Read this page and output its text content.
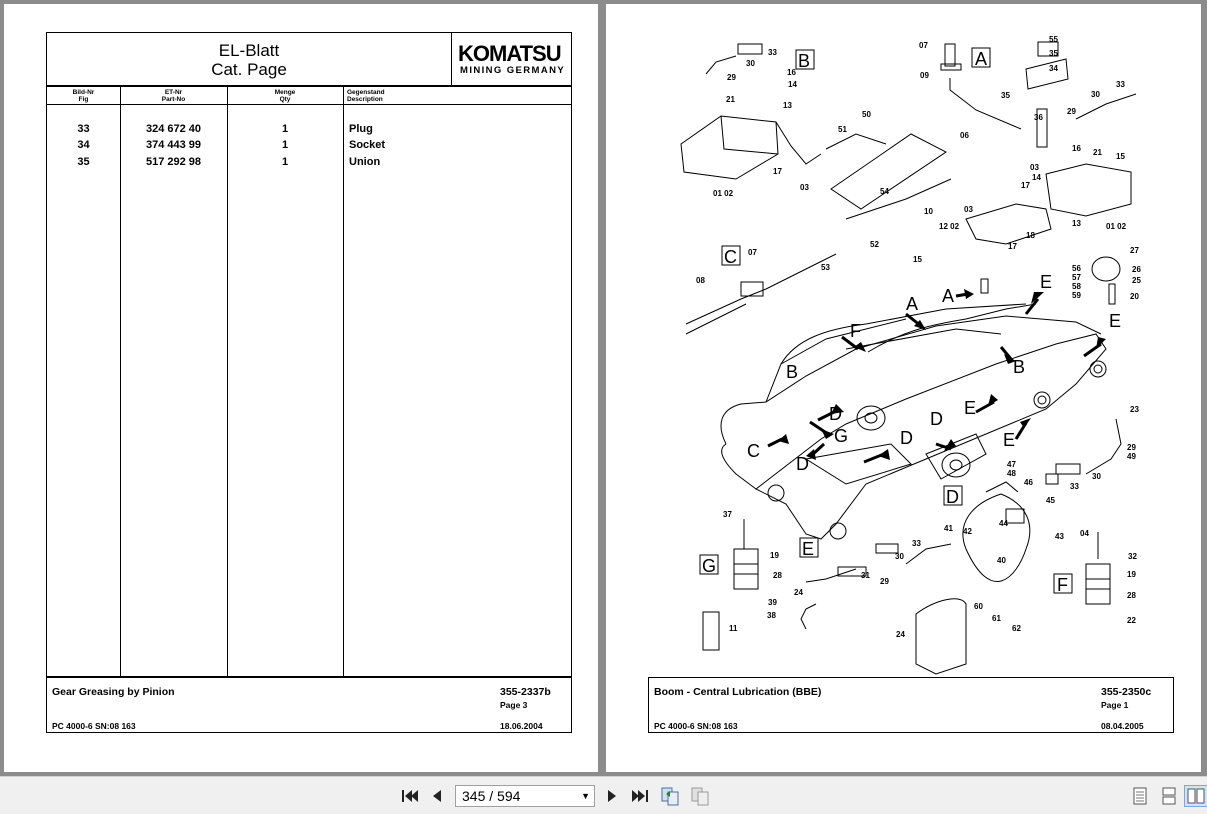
EL-Blatt
Cat. Page
KOMATSU
MINING GERMANY
Bild-Nr
Fig
ET-Nr
Part-No
Menge
Qty
Gegenstand
Description
33	324 672 40	1	Plug
34	374 443 99	1	Socket
35	517 292 98	1	Union
Gear Greasing by Pinion	355-2337b
Page 3
PC 4000-6 SN:08 163	18.06.2004
A
B
C
D
E
F
G
A A
E
E
F
B	B
D
G
C
D
D
D
E
E
33
30
29
16
14
13
21
17
03
01 02
51
50
54
52
53
07
08
07
09
06
10	03
03
17
12 02
17
18
15
13	01 02
15
21
16
14
29
30
33
36
35
55
35
34
27
56
57
58
59
26
25
20
23
29
49
30
33
47
48
46
45
44
43
41 42
40
60
61
62
33
30
31
29
24
24
37
19
28
39
38
11
04
32
19
28
22
Boom - Central Lubrication (BBE)	355-2350c
Page 1
PC 4000-6 SN:08 163	08.04.2005
345 / 594	▼
